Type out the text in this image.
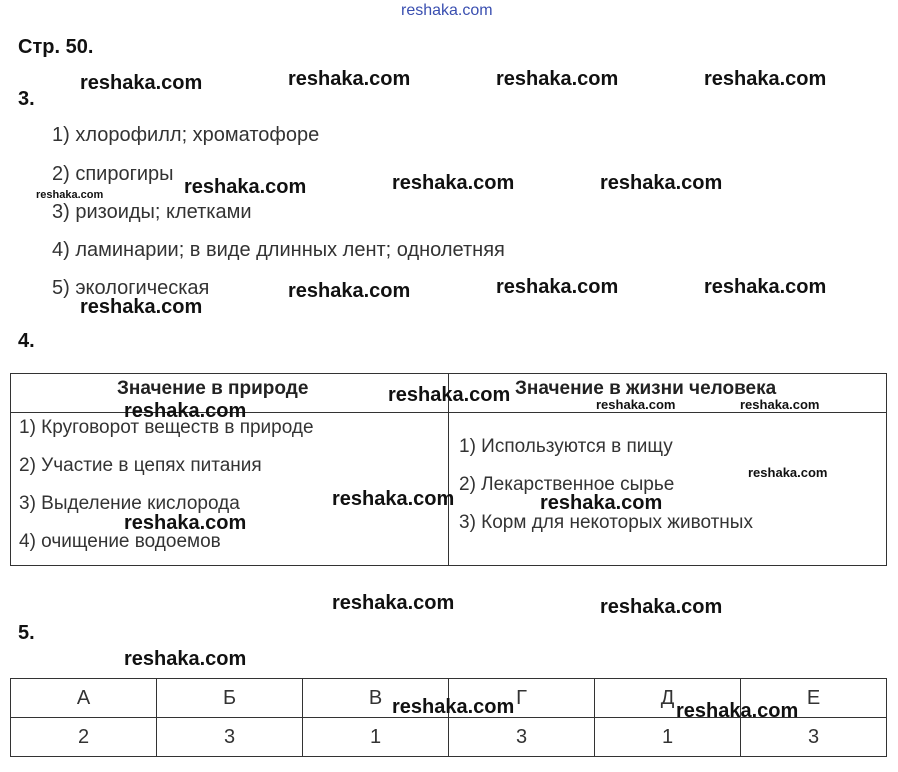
reshaka.com
Стр. 50.
3.
1) хлорофилл; хроматофоре
2) спирогиры
3) ризоиды; клетками
4) ламинарии; в виде длинных лент; однолетняя
5) экологическая
4.
Значение в природе	Значение в жизни человека
1) Круговорот веществ в природе
2) Участие в цепях питания
3) Выделение кислорода
4) очищение водоемов
1) Используются в пищу
2) Лекарственное сырье
3) Корм для некоторых животных
5.
А	Б	В	Г	Д	Е
2	3	1	3	1	3
reshaka.com	reshaka.com	reshaka.com	reshaka.com
reshaka.com	reshaka.com	reshaka.com	reshaka.com
reshaka.com	reshaka.com	reshaka.com
reshaka.com
reshaka.com	reshaka.com	reshaka.com
reshaka.com
reshaka.com
reshaka.com	reshaka.com
reshaka.com
reshaka.com	reshaka.com
reshaka.com
reshaka.com	reshaka.com
